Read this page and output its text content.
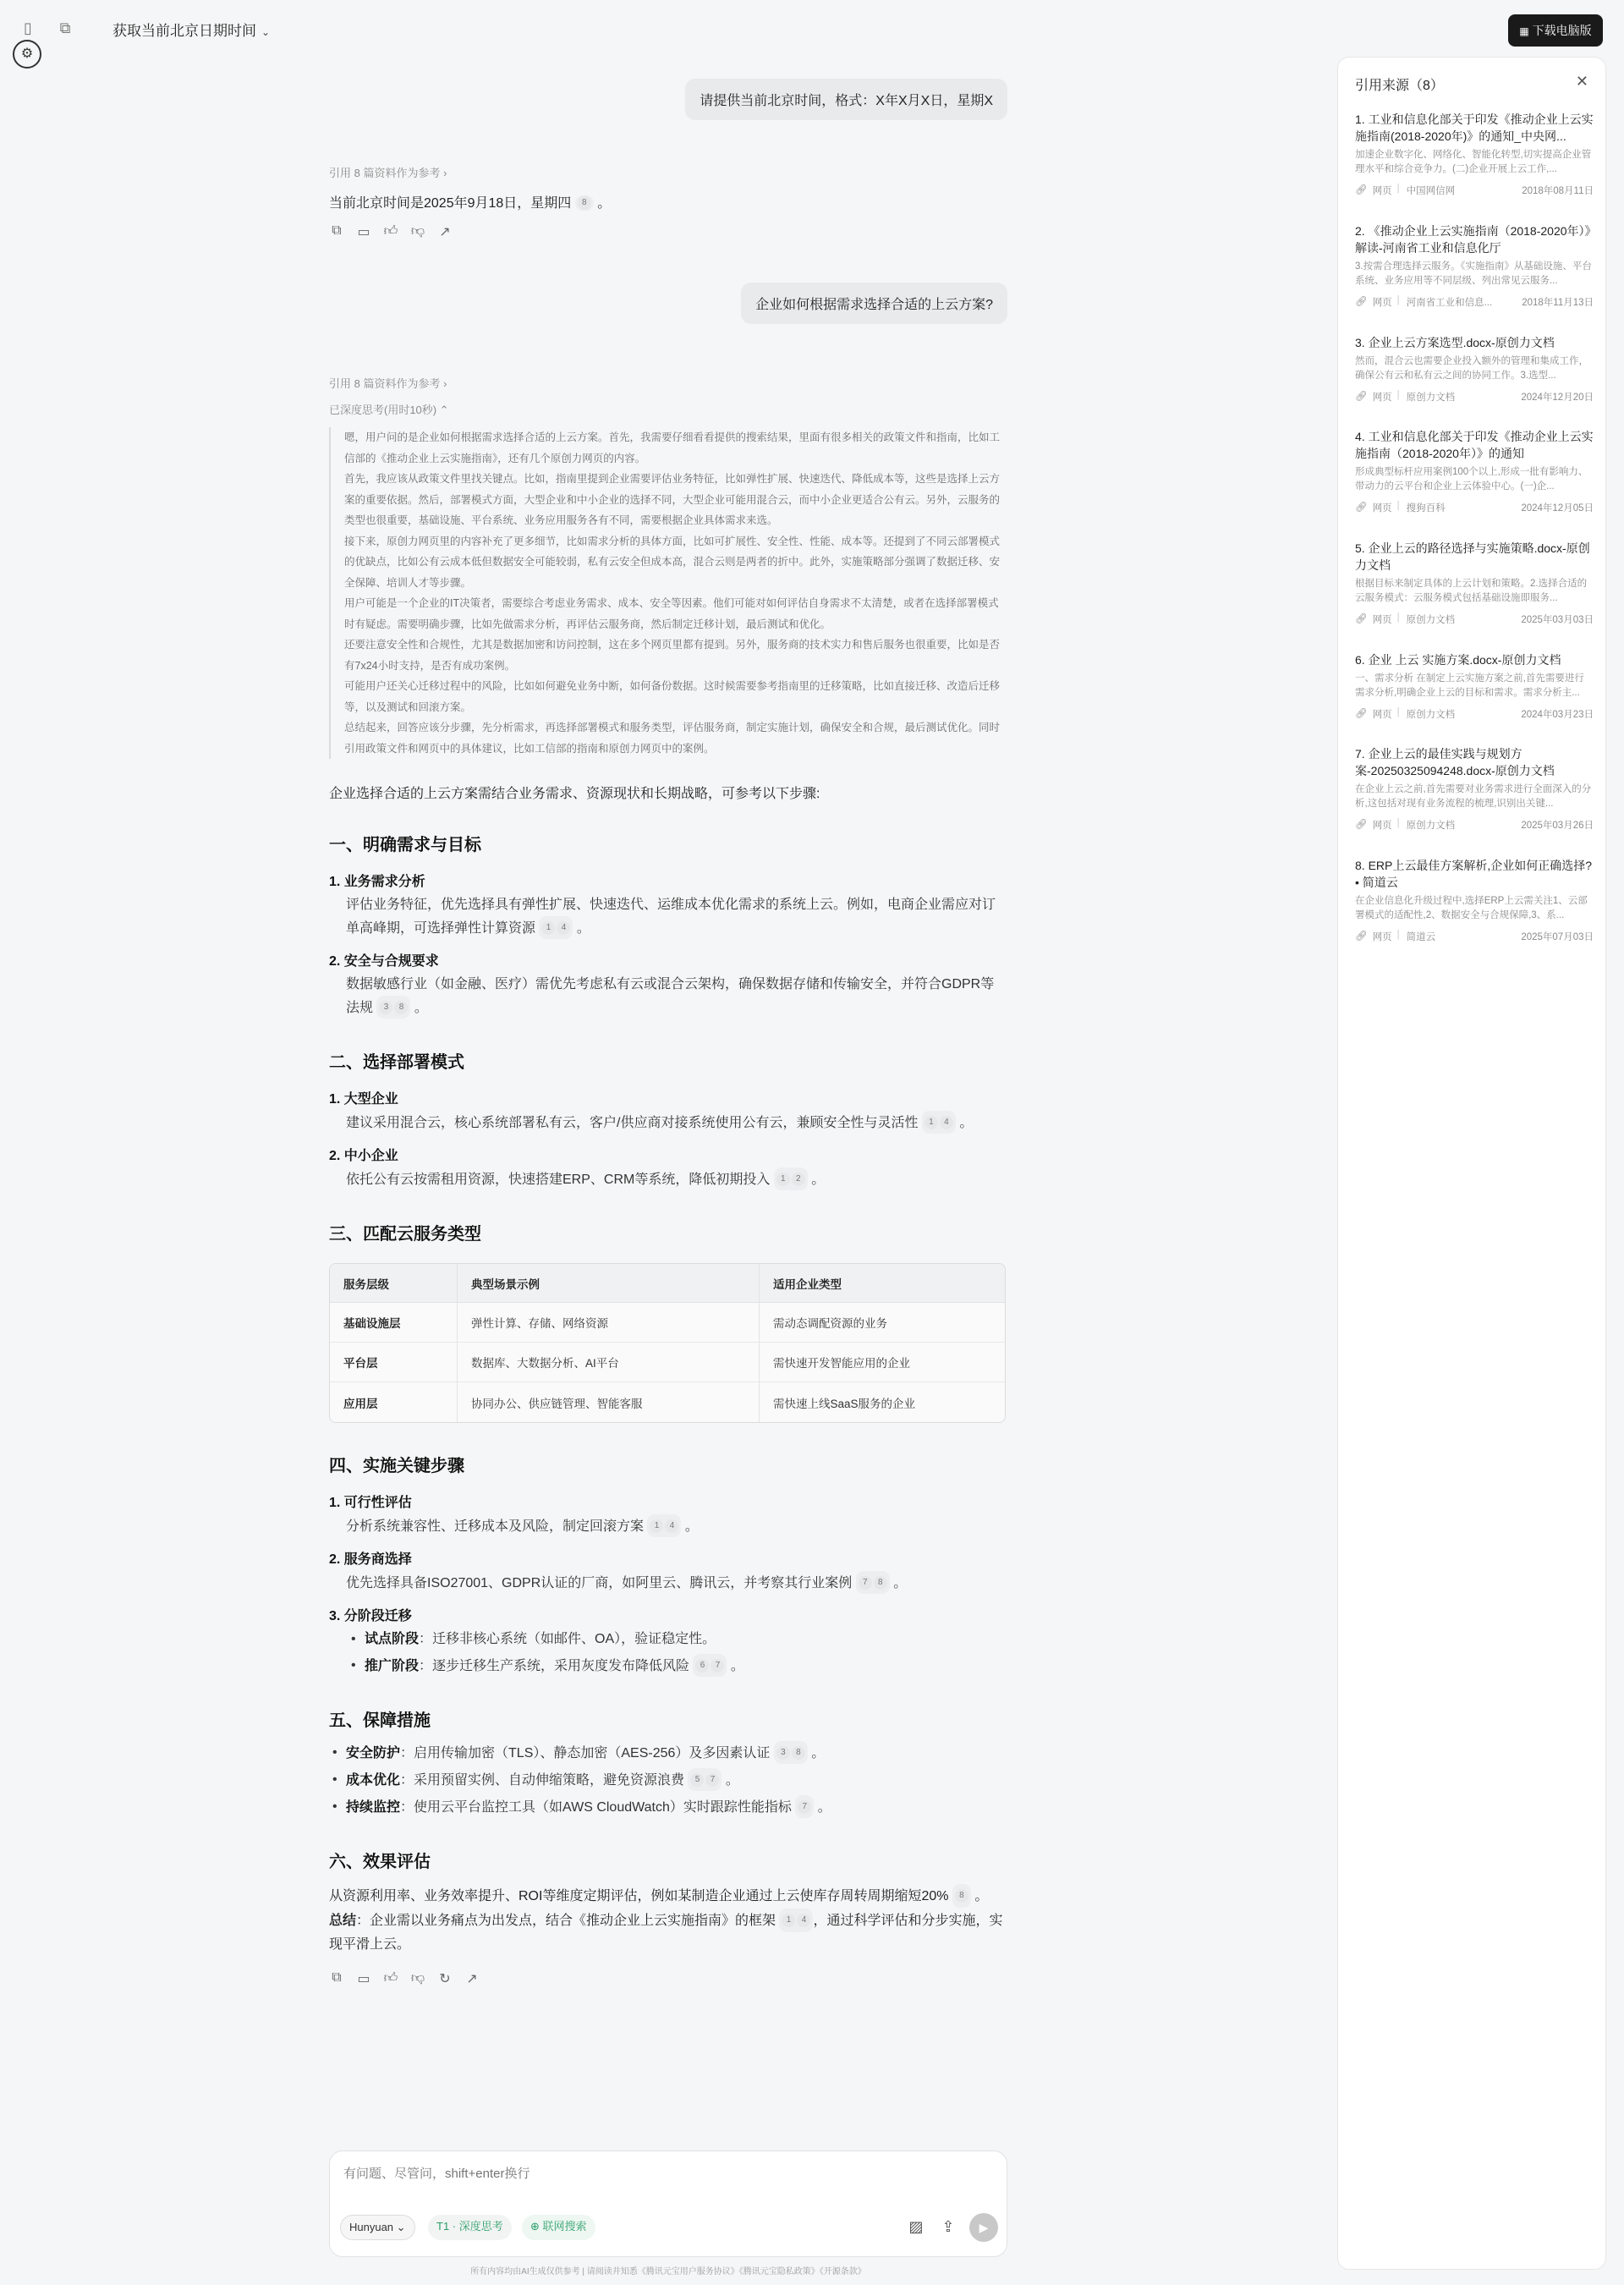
▯	⧉	获取当前北京日期时间 ⌄
⚙
▦ 下载电脑版
请提供当前北京时间，格式：X年X月X日，星期X
引用 8 篇资料作为参考 ›
当前北京时间是2025年9月18日，星期四 8 。
⧉ ▭ 👍︎ 👎︎ ↗
企业如何根据需求选择合适的上云方案?
引用 8 篇资料作为参考 ›
已深度思考(用时10秒) ⌃

嗯，用户问的是企业如何根据需求选择合适的上云方案。首先，我需要仔细看看提供的搜索结果，里面有很多相关的政策文件和指南，比如工信部的《推动企业上云实施指南》，还有几个原创力网页的内容。

首先，我应该从政策文件里找关键点。比如，指南里提到企业需要评估业务特征，比如弹性扩展、快速迭代、降低成本等，这些是选择上云方案的重要依据。然后，部署模式方面，大型企业和中小企业的选择不同，大型企业可能用混合云，而中小企业更适合公有云。另外，云服务的类型也很重要，基础设施、平台系统、业务应用服务各有不同，需要根据企业具体需求来选。

接下来，原创力网页里的内容补充了更多细节，比如需求分析的具体方面，比如可扩展性、安全性、性能、成本等。还提到了不同云部署模式的优缺点，比如公有云成本低但数据安全可能较弱，私有云安全但成本高，混合云则是两者的折中。此外，实施策略部分强调了数据迁移、安全保障、培训人才等步骤。

用户可能是一个企业的IT决策者，需要综合考虑业务需求、成本、安全等因素。他们可能对如何评估自身需求不太清楚，或者在选择部署模式时有疑虑。需要明确步骤，比如先做需求分析，再评估云服务商，然后制定迁移计划，最后测试和优化。

还要注意安全性和合规性，尤其是数据加密和访问控制，这在多个网页里都有提到。另外，服务商的技术实力和售后服务也很重要，比如是否有7x24小时支持，是否有成功案例。

可能用户还关心迁移过程中的风险，比如如何避免业务中断，如何备份数据。这时候需要参考指南里的迁移策略，比如直接迁移、改造后迁移等，以及测试和回滚方案。

总结起来，回答应该分步骤，先分析需求，再选择部署模式和服务类型，评估服务商，制定实施计划，确保安全和合规，最后测试优化。同时引用政策文件和网页中的具体建议，比如工信部的指南和原创力网页中的案例。

企业选择合适的上云方案需结合业务需求、资源现状和长期战略，可参考以下步骤:
一、明确需求与目标
1. 业务需求分析
评估业务特征，优先选择具有弹性扩展、快速迭代、运维成本优化需求的系统上云。例如，电商企业需应对订单高峰期，可选择弹性计算资源 1 4 。
2. 安全与合规要求
数据敏感行业（如金融、医疗）需优先考虑私有云或混合云架构，确保数据存储和传输安全，并符合GDPR等法规 3 8 。
二、选择部署模式
1. 大型企业
建议采用混合云，核心系统部署私有云，客户/供应商对接系统使用公有云，兼顾安全性与灵活性 1 4 。
2. 中小企业
依托公有云按需租用资源，快速搭建ERP、CRM等系统，降低初期投入 1 2 。
三、匹配云服务类型
服务层级	典型场景示例	适用企业类型
基础设施层	弹性计算、存储、网络资源	需动态调配资源的业务
平台层	数据库、大数据分析、AI平台	需快速开发智能应用的企业
应用层	协同办公、供应链管理、智能客服	需快速上线SaaS服务的企业
四、实施关键步骤
1. 可行性评估
分析系统兼容性、迁移成本及风险，制定回滚方案 1 4 。
2. 服务商选择
优先选择具备ISO27001、GDPR认证的厂商，如阿里云、腾讯云，并考察其行业案例 7 8 。
3. 分阶段迁移
• 试点阶段：迁移非核心系统（如邮件、OA），验证稳定性。
• 推广阶段：逐步迁移生产系统，采用灰度发布降低风险 6 7 。
五、保障措施
• 安全防护：启用传输加密（TLS）、静态加密（AES-256）及多因素认证 3 8 。
• 成本优化：采用预留实例、自动伸缩策略，避免资源浪费 5 7 。
• 持续监控：使用云平台监控工具（如AWS CloudWatch）实时跟踪性能指标 7 。
六、效果评估
从资源利用率、业务效率提升、ROI等维度定期评估，例如某制造企业通过上云使库存周转周期缩短20% 8 。
总结：企业需以业务痛点为出发点，结合《推动企业上云实施指南》的框架 1 4 ，通过科学评估和分步实施，实现平滑上云。
⧉ ▭ 👍︎ 👎︎ ↻ ↗
有问题、尽管问，shift+enter换行
Hunyuan ⌄	T1 · 深度思考	⊕ 联网搜索	▨	⇪	▶
所有内容均由AI生成仅供参考 | 请阅读并知悉《腾讯元宝用户服务协议》《腾讯元宝隐私政策》《开源条款》
引用来源（8）	✕
1. 工业和信息化部关于印发《推动企业上云实施指南(2018-2020年)》的通知_中央网...
加速企业数字化、网络化、智能化转型,切实提高企业管理水平和综合竞争力。(二)企业开展上云工作,...
🔗︎ 网页 | 中国网信网	2018年08月11日
2. 《推动企业上云实施指南（2018-2020年）》解读-河南省工业和信息化厅
3.按需合理选择云服务。《实施指南》从基础设施、平台系统、业务应用等不同层级、列出常见云服务...
🔗︎ 网页 | 河南省工业和信息...	2018年11月13日
3. 企业上云方案选型.docx-原创力文档
然而，混合云也需要企业投入额外的管理和集成工作，确保公有云和私有云之间的协同工作。3.选型...
🔗︎ 网页 | 原创力文档	2024年12月20日
4. 工业和信息化部关于印发《推动企业上云实施指南（2018-2020年）》的通知
形成典型标杆应用案例100个以上,形成一批有影响力、带动力的云平台和企业上云体验中心。(一)企...
🔗︎ 网页 | 搜狗百科	2024年12月05日
5. 企业上云的路径选择与实施策略.docx-原创力文档
根据目标来制定具体的上云计划和策略。2.选择合适的云服务模式：云服务模式包括基础设施即服务...
🔗︎ 网页 | 原创力文档	2025年03月03日
6. 企业 上云 实施方案.docx-原创力文档
一、需求分析 在制定上云实施方案之前,首先需要进行需求分析,明确企业上云的目标和需求。需求分析主...
🔗︎ 网页 | 原创力文档	2024年03月23日
7. 企业上云的最佳实践与规划方案-20250325094248.docx-原创力文档
在企业上云之前,首先需要对业务需求进行全面深入的分析,这包括对现有业务流程的梳理,识别出关键...
🔗︎ 网页 | 原创力文档	2025年03月26日
8. ERP上云最佳方案解析,企业如何正确选择? • 简道云
在企业信息化升级过程中,选择ERP上云需关注1、云部署模式的适配性,2、数据安全与合规保障,3、系...
🔗︎ 网页 | 简道云	2025年07月03日
